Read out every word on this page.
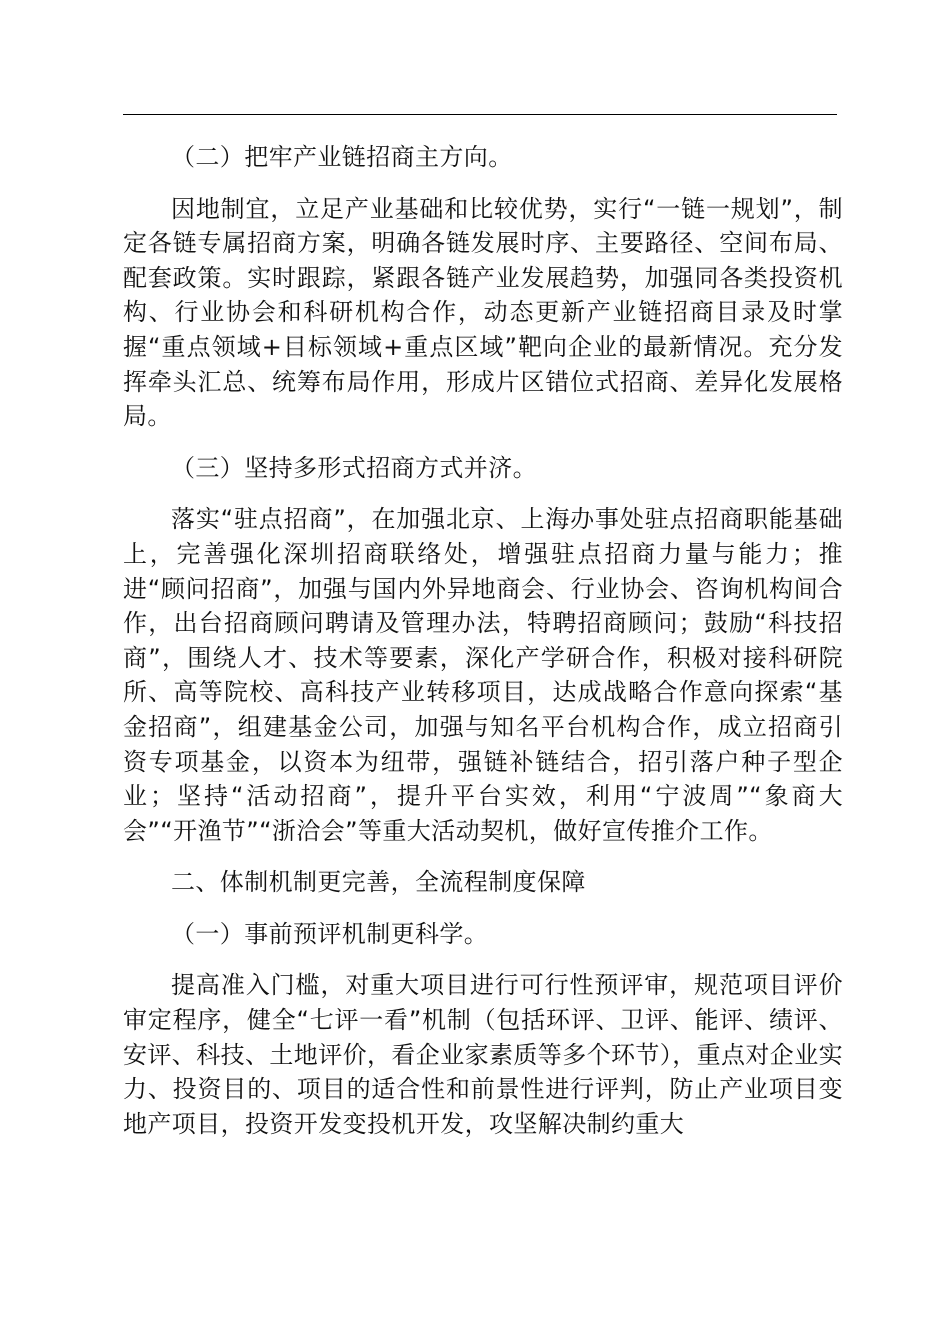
（二）把牢产业链招商主方向。

因地制宜，立足产业基础和比较优势，实行“一链一规划”，制定各链专属招商方案，明确各链发展时序、主要路径、空间布局、配套政策。实时跟踪，紧跟各链产业发展趋势，加强同各类投资机构、行业协会和科研机构合作，动态更新产业链招商目录及时掌握“重点领域+目标领域+重点区域”靶向企业的最新情况。充分发挥牵头汇总、统筹布局作用，形成片区错位式招商、差异化发展格局。

（三）坚持多形式招商方式并济。

落实“驻点招商”，在加强北京、上海办事处驻点招商职能基础上，完善强化深圳招商联络处，增强驻点招商力量与能力；推进“顾问招商”，加强与国内外异地商会、行业协会、咨询机构间合作，出台招商顾问聘请及管理办法，特聘招商顾问；鼓励“科技招商”，围绕人才、技术等要素，深化产学研合作，积极对接科研院所、高等院校、高科技产业转移项目，达成战略合作意向探索“基金招商”，组建基金公司，加强与知名平台机构合作，成立招商引资专项基金，以资本为纽带，强链补链结合，招引落户种子型企业；坚持“活动招商”，提升平台实效，利用“宁波周”“象商大会”“开渔节”“浙洽会”等重大活动契机，做好宣传推介工作。

二、体制机制更完善，全流程制度保障

（一）事前预评机制更科学。

提高准入门槛，对重大项目进行可行性预评审，规范项目评价审定程序，健全“七评一看”机制（包括环评、卫评、能评、绩评、安评、科技、土地评价，看企业家素质等多个环节），重点对企业实力、投资目的、项目的适合性和前景性进行评判，防止产业项目变地产项目，投资开发变投机开发，攻坚解决制约重大
